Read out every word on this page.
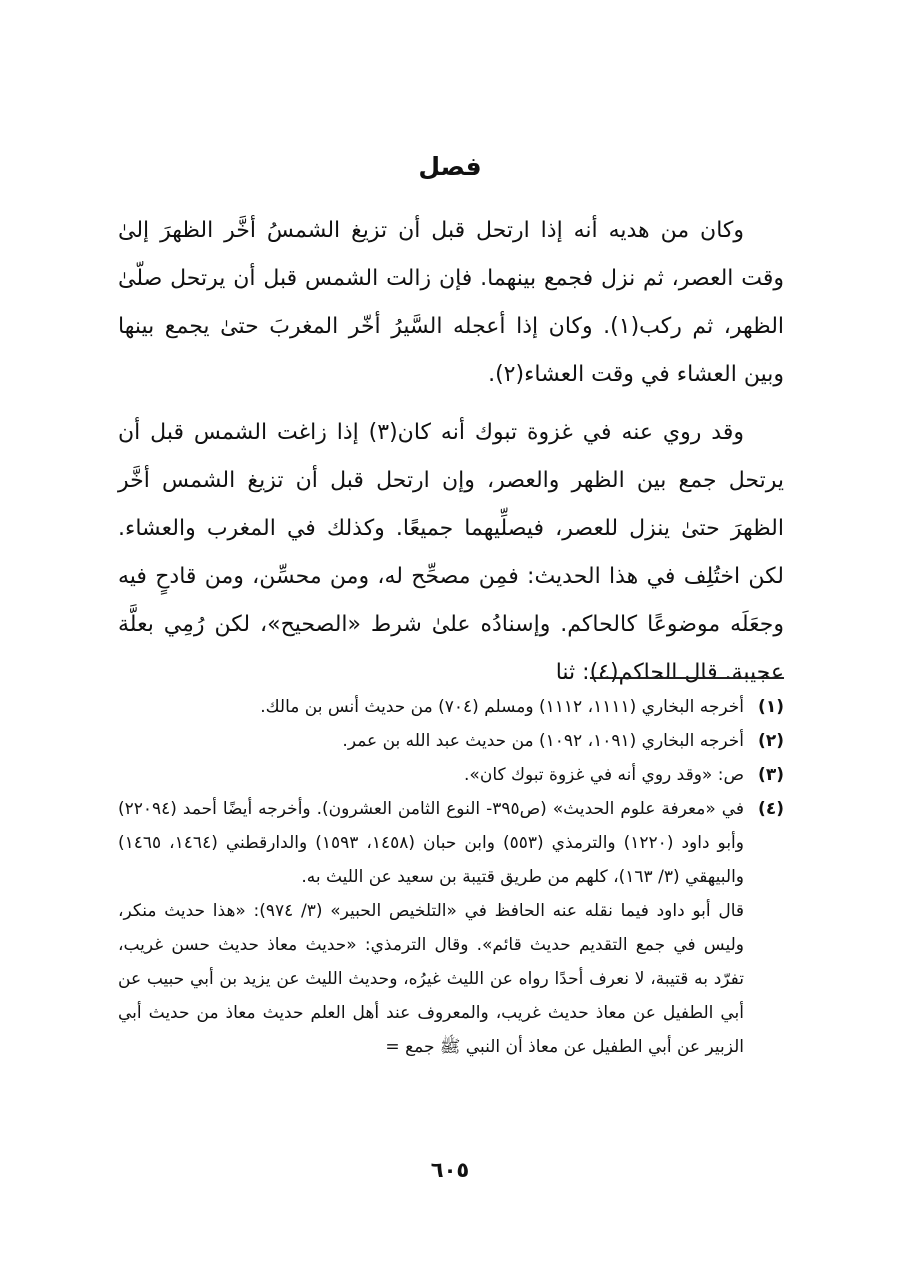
فصل

وكان من هديه أنه إذا ارتحل قبل أن تزيغ الشمسُ أخَّر الظهرَ إلىٰ وقت العصر، ثم نزل فجمع بينهما. فإن زالت الشمس قبل أن يرتحل صلّىٰ الظهر، ثم ركب(١). وكان إذا أعجله السَّيرُ أخّر المغربَ حتىٰ يجمع بينها وبين العشاء في وقت العشاء(٢).

وقد روي عنه في غزوة تبوك أنه كان(٣) إذا زاغت الشمس قبل أن يرتحل جمع بين الظهر والعصر، وإن ارتحل قبل أن تزيغ الشمس أخَّر الظهرَ حتىٰ ينزل للعصر، فيصلِّيهما جميعًا. وكذلك في المغرب والعشاء. لكن اختُلِف في هذا الحديث: فمِن مصحِّح له، ومن محسِّن، ومن قادحٍ فيه وجعَلَه موضوعًا كالحاكم. وإسنادُه علىٰ شرط «الصحيح»، لكن رُمِي بعلَّة عجيبة. قال الحاكم(٤): ثنا

(١)
أخرجه البخاري (١١١١، ١١١٢) ومسلم (٧٠٤) من حديث أنس بن مالك.
(٢)
أخرجه البخاري (١٠٩١، ١٠٩٢) من حديث عبد الله بن عمر.
(٣)
ص: «وقد روي أنه في غزوة تبوك كان».
(٤)
في «معرفة علوم الحديث» (ص٣٩٥- النوع الثامن العشرون). وأخرجه أيضًا أحمد (٢٢٠٩٤) وأبو داود (١٢٢٠) والترمذي (٥٥٣) وابن حبان (١٤٥٨، ١٥٩٣) والدارقطني (١٤٦٤، ١٤٦٥) والبيهقي (٣/ ١٦٣)، كلهم من طريق قتيبة بن سعيد عن الليث به.

قال أبو داود فيما نقله عنه الحافظ في «التلخيص الحبير» (٣/ ٩٧٤): «هذا حديث منكر، وليس في جمع التقديم حديث قائم». وقال الترمذي: «حديث معاذ حديث حسن غريب، تفرّد به قتيبة، لا نعرف أحدًا رواه عن الليث غيرُه، وحديث الليث عن يزيد بن أبي حبيب عن أبي الطفيل عن معاذ حديث غريب، والمعروف عند أهل العلم حديث معاذ من حديث أبي الزبير عن أبي الطفيل عن معاذ أن النبي ﷺ جمع =

٦٠٥
